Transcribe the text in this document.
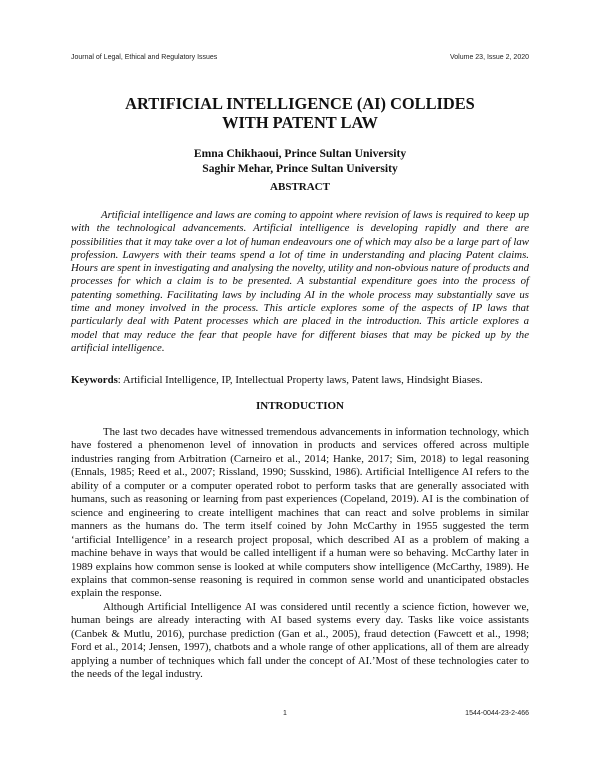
Journal of Legal, Ethical and Regulatory Issues	Volume 23, Issue 2, 2020
ARTIFICIAL INTELLIGENCE (AI) COLLIDES
WITH PATENT LAW
Emna Chikhaoui, Prince Sultan University
Saghir Mehar, Prince Sultan University
ABSTRACT

Artificial intelligence and laws are coming to appoint where revision of laws is required to keep up with the technological advancements. Artificial intelligence is developing rapidly and there are possibilities that it may take over a lot of human endeavours one of which may also be a large part of law profession. Lawyers with their teams spend a lot of time in understanding and placing Patent claims. Hours are spent in investigating and analysing the novelty, utility and non-obvious nature of products and processes for which a claim is to be presented. A substantial expenditure goes into the process of patenting something. Facilitating laws by including AI in the whole process may substantially save us time and money involved in the process. This article explores some of the aspects of IP laws that particularly deal with Patent processes which are placed in the introduction. This article explores a model that may reduce the fear that people have for different biases that may be picked up by the artificial intelligence.

Keywords: Artificial Intelligence, IP, Intellectual Property laws, Patent laws, Hindsight Biases.

INTRODUCTION

The last two decades have witnessed tremendous advancements in information technology, which have fostered a phenomenon level of innovation in products and services offered across multiple industries ranging from Arbitration (Carneiro et al., 2014; Hanke, 2017; Sim, 2018) to legal reasoning (Ennals, 1985; Reed et al., 2007; Rissland, 1990; Susskind, 1986). Artificial Intelligence AI refers to the ability of a computer or a computer operated robot to perform tasks that are generally associated with humans, such as reasoning or learning from past experiences (Copeland, 2019). AI is the combination of science and engineering to create intelligent machines that can react and solve problems in similar manners as the humans do. The term itself coined by John McCarthy in 1955 suggested the term ‘artificial Intelligence’ in a research project proposal, which described AI as a problem of making a machine behave in ways that would be called intelligent if a human were so behaving. McCarthy later in 1989 explains how common sense is looked at while computers show intelligence (McCarthy, 1989). He explains that common-sense reasoning is required in common sense world and unanticipated obstacles explain the response.

Although Artificial Intelligence AI was considered until recently a science fiction, however we, human beings are already interacting with AI based systems every day. Tasks like voice assistants (Canbek & Mutlu, 2016), purchase prediction (Gan et al., 2005), fraud detection (Fawcett et al., 1998; Ford et al., 2014; Jensen, 1997), chatbots and a whole range of other applications, all of them are already applying a number of techniques which fall under the concept of AI.’Most of these technologies cater to the needs of the legal industry.

1	1544-0044-23-2-466
